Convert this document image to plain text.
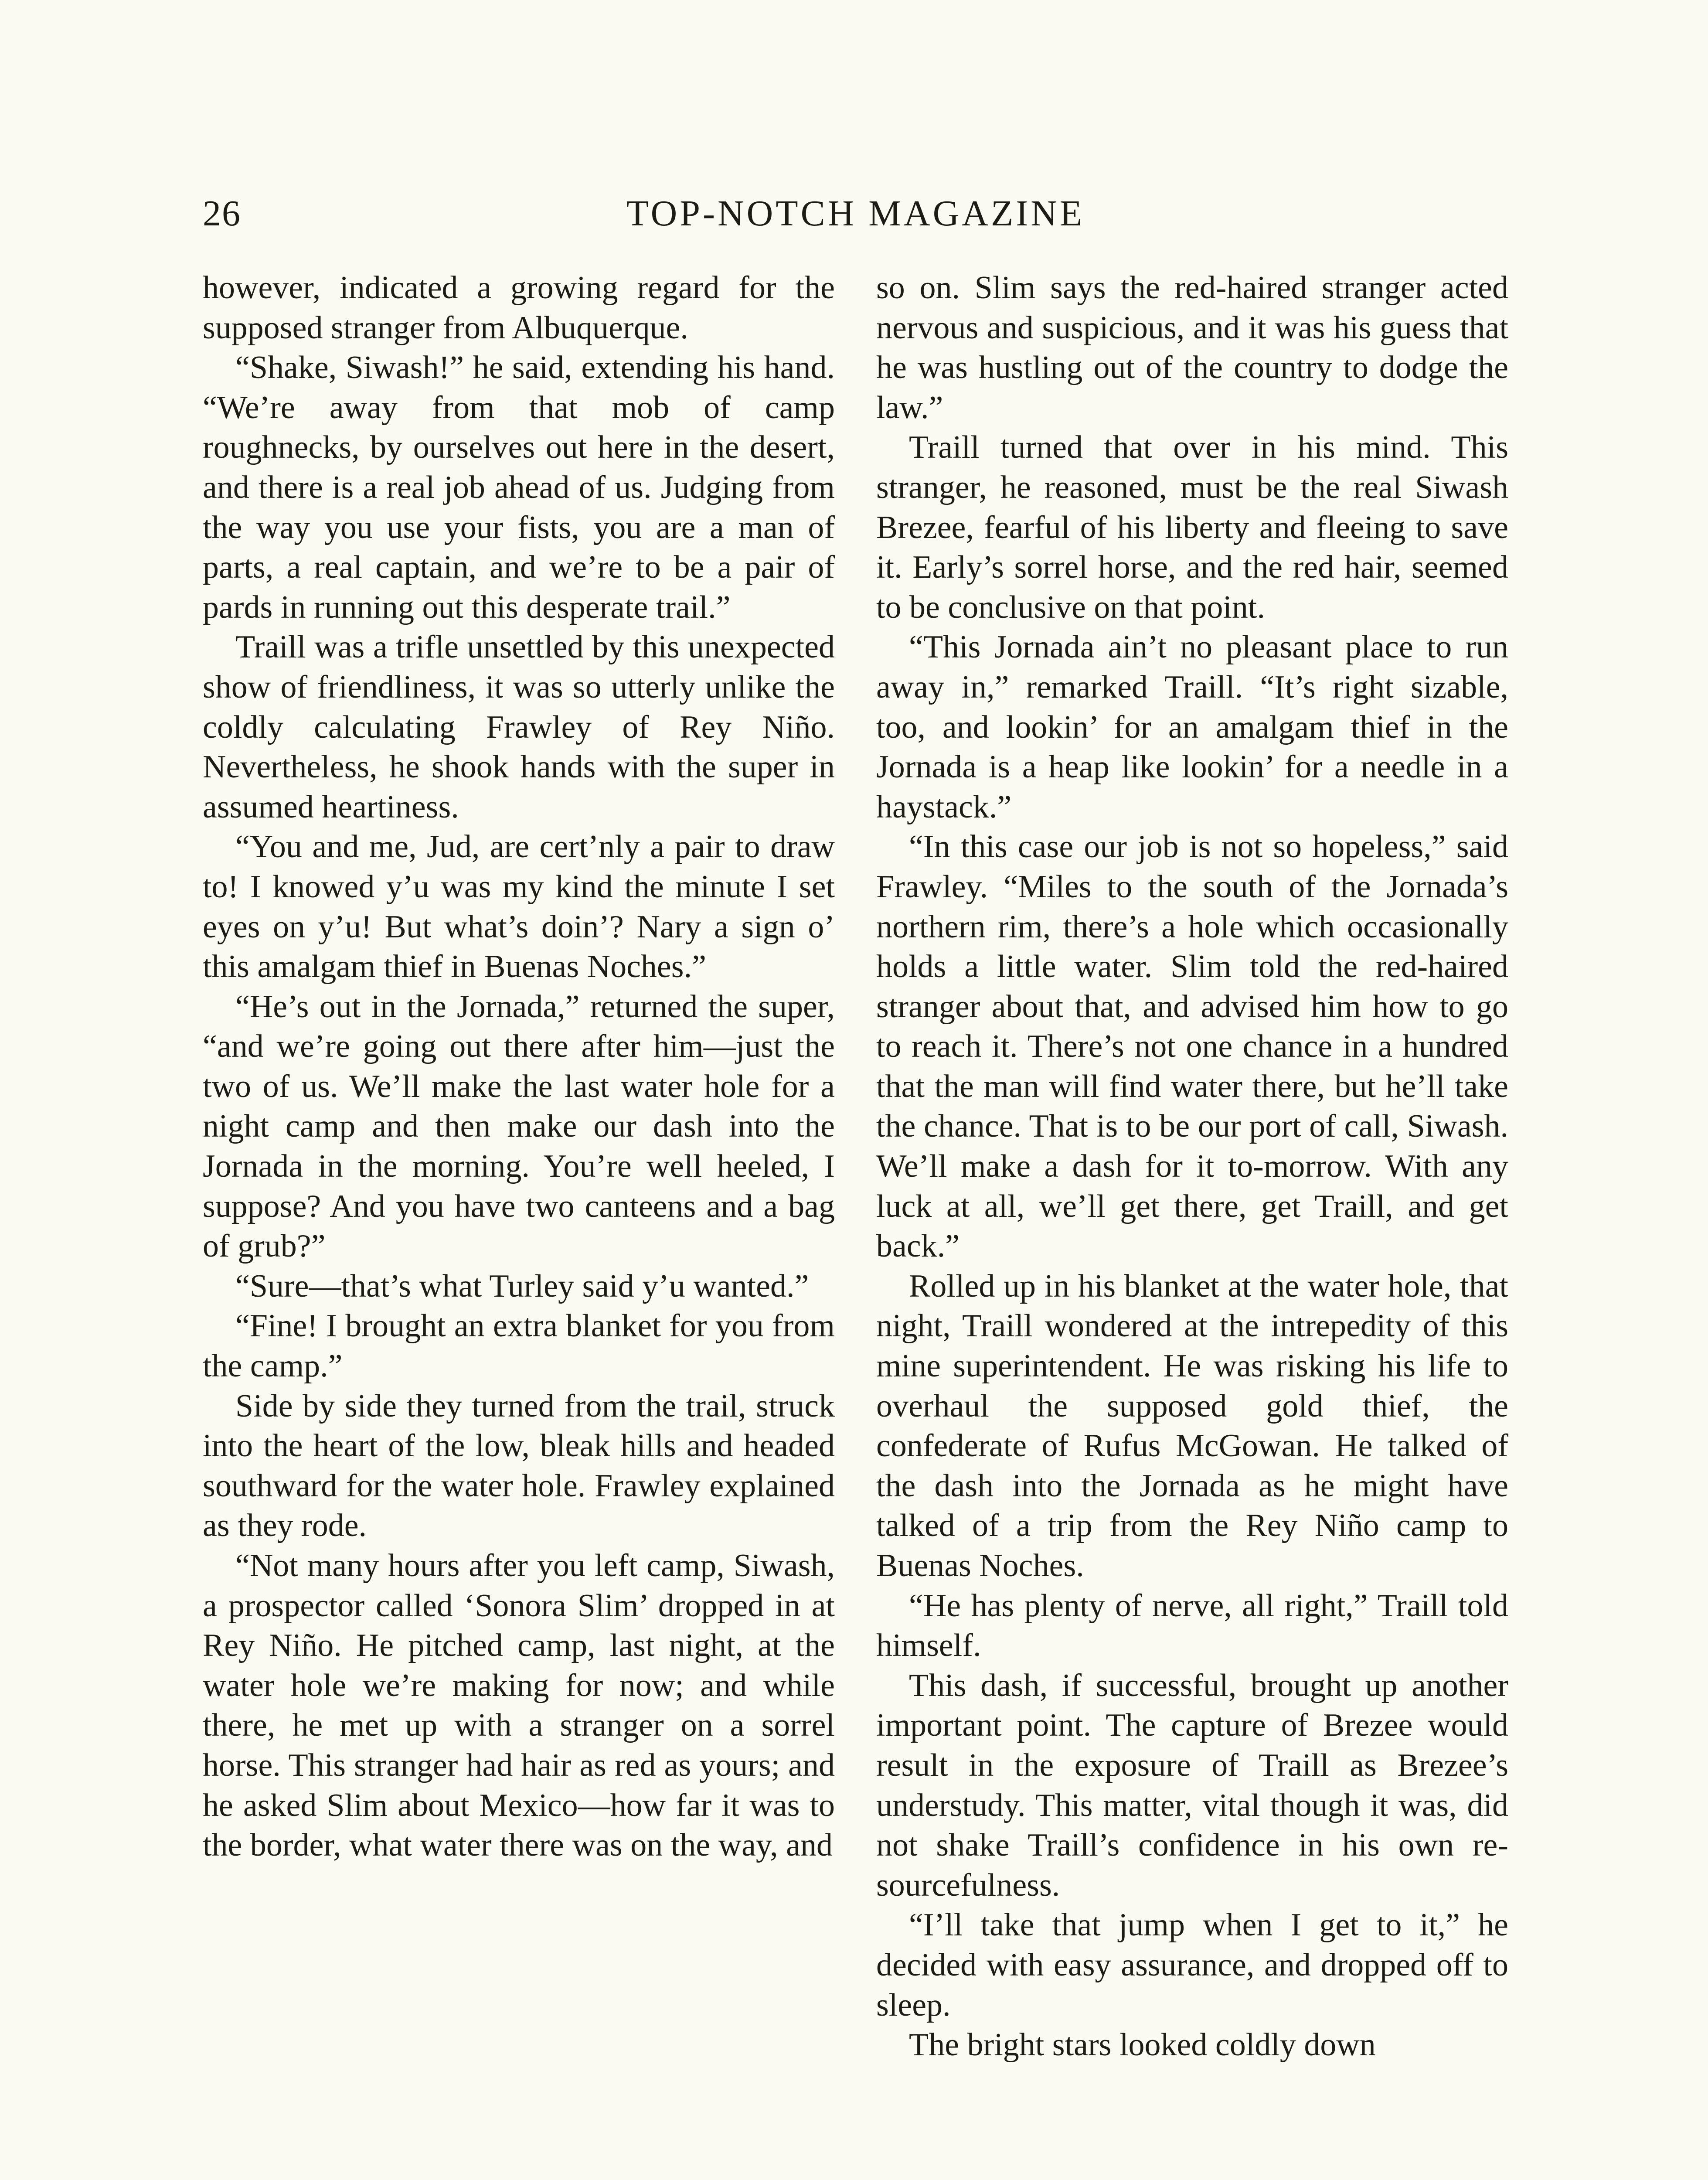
26	TOP-NOTCH MAGAZINE

however, indicated a growing regard for the supposed stranger from Albuquerque.

“Shake, Siwash!” he said, extending his hand. “We’re away from that mob of camp roughnecks, by ourselves out here in the desert, and there is a real job ahead of us. Judging from the way you use your fists, you are a man of parts, a real captain, and we’re to be a pair of pards in running out this desperate trail.”

Traill was a trifle unsettled by this unexpected show of friendliness, it was so utterly unlike the coldly calculating Frawley of Rey Niño. Nevertheless, he shook hands with the super in assumed heartiness.

“You and me, Jud, are cert’nly a pair to draw to! I knowed y’u was my kind the minute I set eyes on y’u! But what’s doin’? Nary a sign o’ this amalgam thief in Buenas Noches.”

“He’s out in the Jornada,” returned the super, “and we’re going out there after him—just the two of us. We’ll make the last water hole for a night camp and then make our dash into the Jornada in the morning. You’re well heeled, I suppose? And you have two canteens and a bag of grub?”

“Sure—that’s what Turley said y’u wanted.”

“Fine! I brought an extra blanket for you from the camp.”

Side by side they turned from the trail, struck into the heart of the low, bleak hills and headed southward for the water hole. Frawley explained as they rode.

“Not many hours after you left camp, Siwash, a prospector called ‘Sonora Slim’ dropped in at Rey Niño. He pitched camp, last night, at the water hole we’re making for now; and while there, he met up with a stranger on a sorrel horse. This stranger had hair as red as yours; and he asked Slim about Mexico—how far it was to the border, what water there was on the way, and

so on. Slim says the red-haired stranger acted nervous and suspicious, and it was his guess that he was hustling out of the country to dodge the law.”

Traill turned that over in his mind. This stranger, he reasoned, must be the real Siwash Brezee, fearful of his liberty and fleeing to save it. Early’s sorrel horse, and the red hair, seemed to be conclusive on that point.

“This Jornada ain’t no pleasant place to run away in,” remarked Traill. “It’s right sizable, too, and lookin’ for an amalgam thief in the Jornada is a heap like lookin’ for a needle in a haystack.”

“In this case our job is not so hopeless,” said Frawley. “Miles to the south of the Jornada’s northern rim, there’s a hole which occasionally holds a little water. Slim told the red-haired stranger about that, and advised him how to go to reach it. There’s not one chance in a hundred that the man will find water there, but he’ll take the chance. That is to be our port of call, Siwash. We’ll make a dash for it to-morrow. With any luck at all, we’ll get there, get Traill, and get back.”

Rolled up in his blanket at the water hole, that night, Traill wondered at the intrepedity of this mine superintendent. He was risking his life to overhaul the supposed gold thief, the confederate of Rufus McGowan. He talked of the dash into the Jornada as he might have talked of a trip from the Rey Niño camp to Buenas Noches.

“He has plenty of nerve, all right,” Traill told himself.

This dash, if successful, brought up another important point. The capture of Brezee would result in the exposure of Traill as Brezee’s understudy. This matter, vital though it was, did not shake Traill’s confidence in his own resourcefulness.

“I’ll take that jump when I get to it,” he decided with easy assurance, and dropped off to sleep.

The bright stars looked coldly down
